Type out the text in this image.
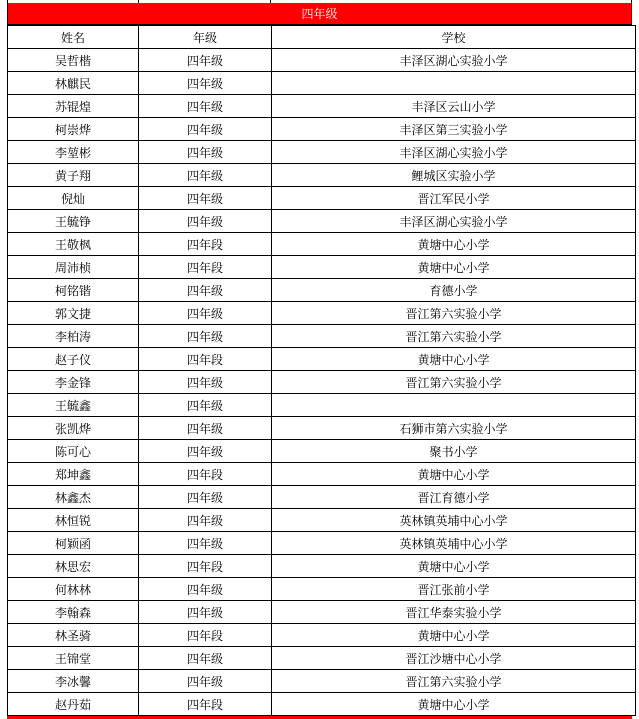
四年级
姓名	年级	学校
吴哲楷	四年级	丰泽区湖心实验小学
林麒民	四年级	
苏锟煌	四年级	丰泽区云山小学
柯崇烨	四年级	丰泽区第三实验小学
李堃彬	四年级	丰泽区湖心实验小学
黄子翔	四年级	鲤城区实验小学
倪灿	四年级	晋江军民小学
王毓铮	四年级	丰泽区湖心实验小学
王敬枫	四年段	黄塘中心小学
周沛桢	四年段	黄塘中心小学
柯铭锴	四年级	育德小学
郭文捷	四年级	晋江第六实验小学
李柏涛	四年级	晋江第六实验小学
赵子仪	四年段	黄塘中心小学
李金锋	四年级	晋江第六实验小学
王毓鑫	四年级	
张凯烨	四年级	石狮市第六实验小学
陈可心	四年级	聚书小学
郑坤鑫	四年段	黄塘中心小学
林鑫杰	四年级	晋江育德小学
林恒锐	四年级	英林镇英埔中心小学
柯颖函	四年级	英林镇英埔中心小学
林思宏	四年段	黄塘中心小学
何林林	四年级	晋江张前小学
李翰森	四年级	晋江华泰实验小学
林圣骑	四年段	黄塘中心小学
王锦堂	四年级	晋江沙塘中心小学
李冰馨	四年级	晋江第六实验小学
赵丹茹	四年段	黄塘中心小学
